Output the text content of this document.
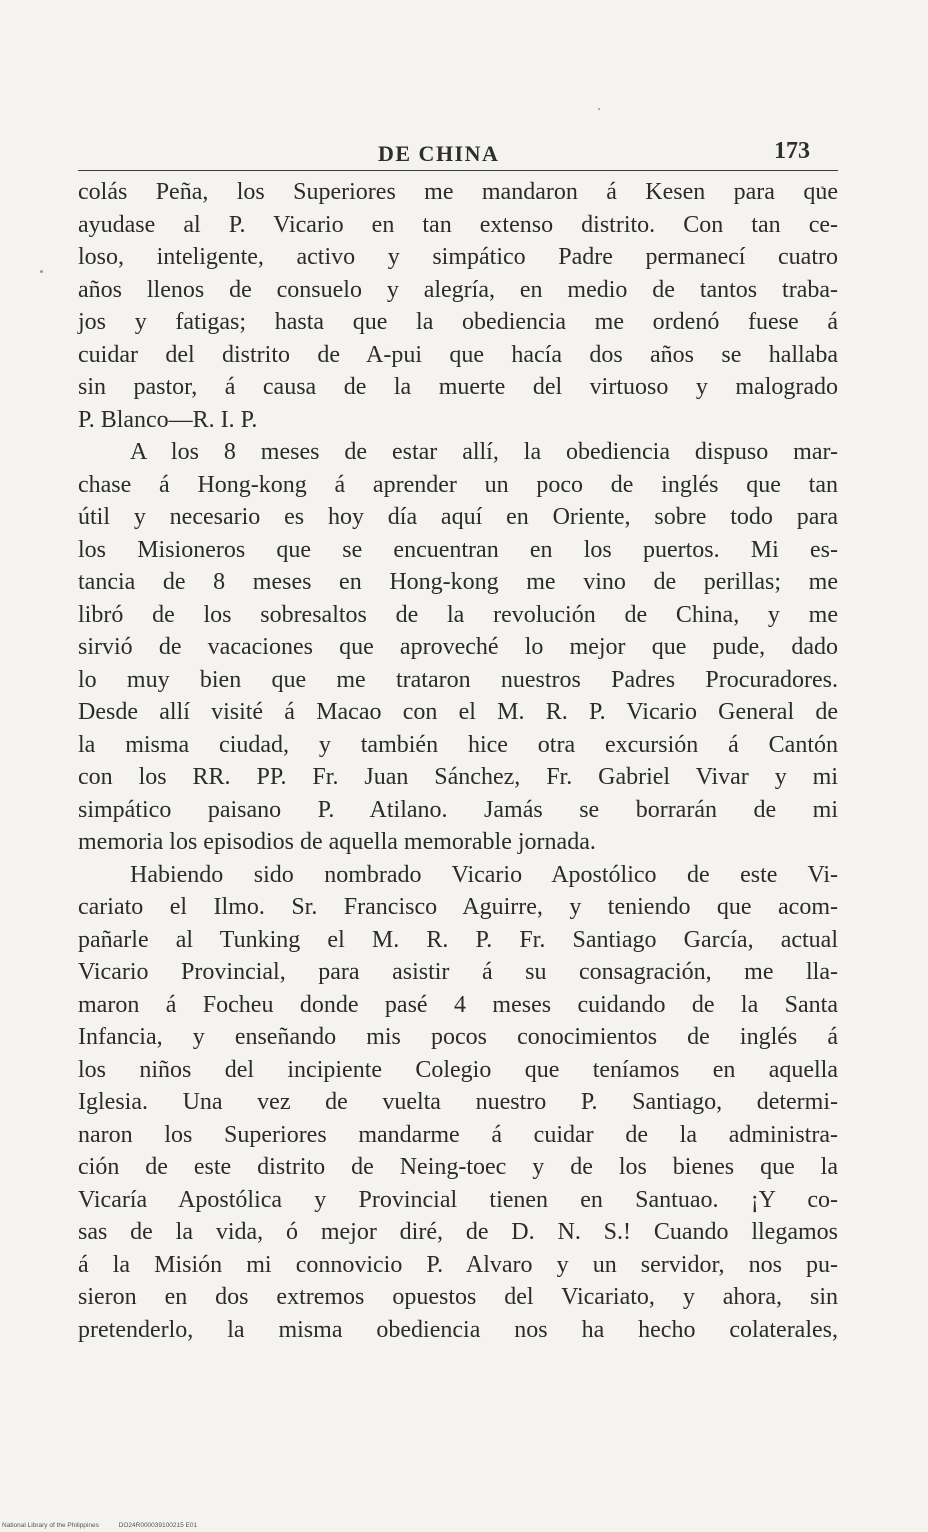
DE CHINA	173
colás Peña, los Superiores me mandaron á Kesen para que
ayudase al P. Vicario en tan extenso distrito. Con tan ce-
loso, inteligente, activo y simpático Padre permanecí cuatro
años llenos de consuelo y alegría, en medio de tantos traba-
jos y fatigas; hasta que la obediencia me ordenó fuese á
cuidar del distrito de A-pui que hacía dos años se hallaba
sin pastor, á causa de la muerte del virtuoso y malogrado
P. Blanco—R. I. P.
A los 8 meses de estar allí, la obediencia dispuso mar-
chase á Hong-kong á aprender un poco de inglés que tan
útil y necesario es hoy día aquí en Oriente, sobre todo para
los Misioneros que se encuentran en los puertos. Mi es-
tancia de 8 meses en Hong-kong me vino de perillas; me
libró de los sobresaltos de la revolución de China, y me
sirvió de vacaciones que aproveché lo mejor que pude, dado
lo muy bien que me trataron nuestros Padres Procuradores.
Desde allí visité á Macao con el M. R. P. Vicario General de
la misma ciudad, y también hice otra excursión á Cantón
con los RR. PP. Fr. Juan Sánchez, Fr. Gabriel Vivar y mi
simpático paisano P. Atilano. Jamás se borrarán de mi
memoria los episodios de aquella memorable jornada.
Habiendo sido nombrado Vicario Apostólico de este Vi-
cariato el Ilmo. Sr. Francisco Aguirre, y teniendo que acom-
pañarle al Tunking el M. R. P. Fr. Santiago García, actual
Vicario Provincial, para asistir á su consagración, me lla-
maron á Focheu donde pasé 4 meses cuidando de la Santa
Infancia, y enseñando mis pocos conocimientos de inglés á
los niños del incipiente Colegio que teníamos en aquella
Iglesia. Una vez de vuelta nuestro P. Santiago, determi-
naron los Superiores mandarme á cuidar de la administra-
ción de este distrito de Neing-toec y de los bienes que la
Vicaría Apostólica y Provincial tienen en Santuao. ¡Y co-
sas de la vida, ó mejor diré, de D. N. S.! Cuando llegamos
á la Misión mi connovicio P. Alvaro y un servidor, nos pu-
sieron en dos extremos opuestos del Vicariato, y ahora, sin
pretenderlo, la misma obediencia nos ha hecho colaterales,
National Library of the Philippines	DO24R000039100215 E01
